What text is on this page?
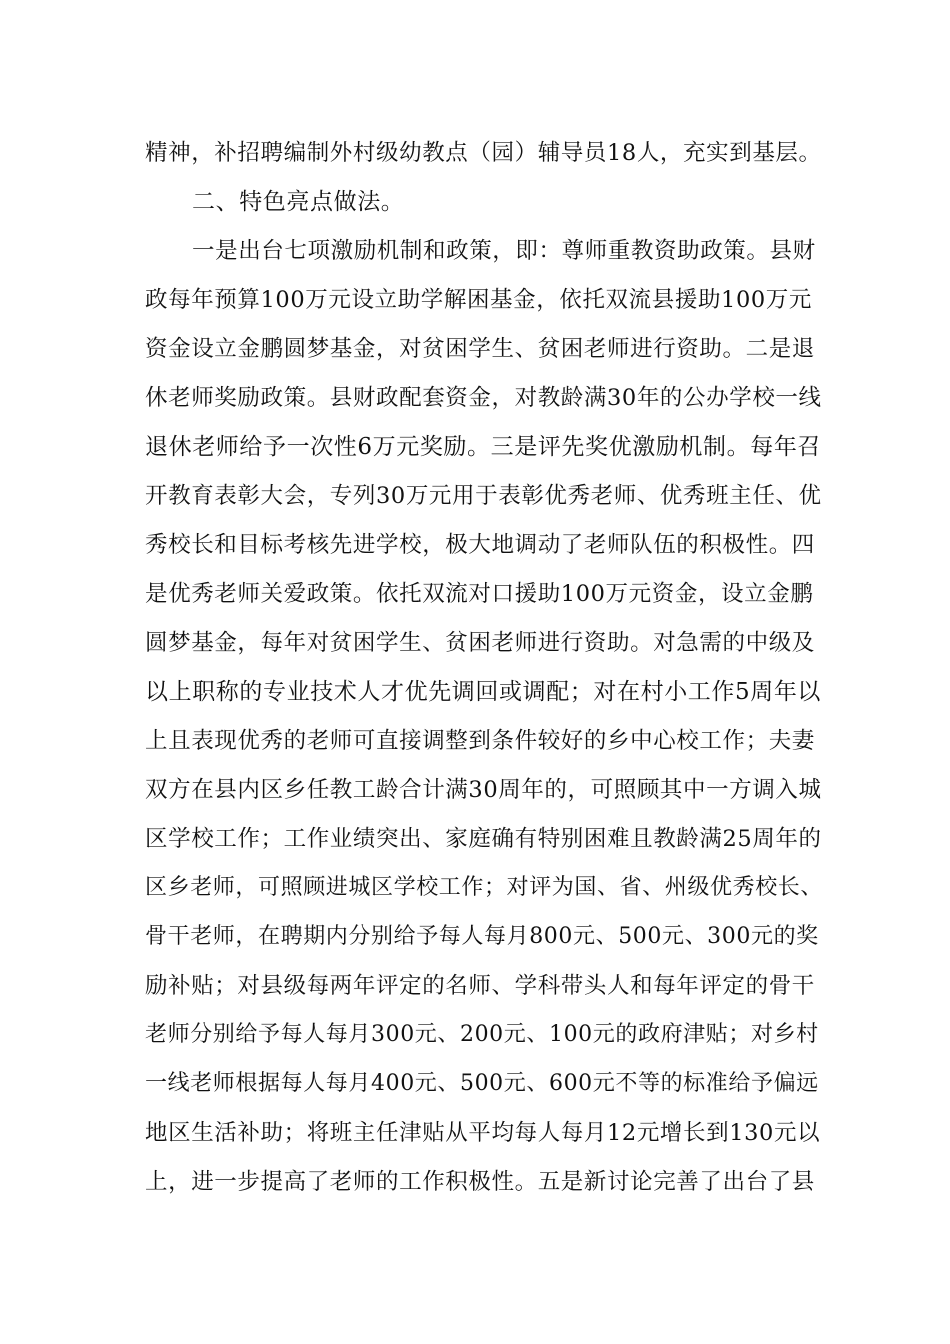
精神，补招聘编制外村级幼教点（园）辅导员18人，充实到基层。
二、特色亮点做法。
一是出台七项激励机制和政策，即：尊师重教资助政策。县财
政每年预算100万元设立助学解困基金，依托双流县援助100万元
资金设立金鹏圆梦基金，对贫困学生、贫困老师进行资助。二是退
休老师奖励政策。县财政配套资金，对教龄满30年的公办学校一线
退休老师给予一次性6万元奖励。三是评先奖优激励机制。每年召
开教育表彰大会，专列30万元用于表彰优秀老师、优秀班主任、优
秀校长和目标考核先进学校，极大地调动了老师队伍的积极性。四
是优秀老师关爱政策。依托双流对口援助100万元资金，设立金鹏
圆梦基金，每年对贫困学生、贫困老师进行资助。对急需的中级及
以上职称的专业技术人才优先调回或调配；对在村小工作5周年以
上且表现优秀的老师可直接调整到条件较好的乡中心校工作；夫妻
双方在县内区乡任教工龄合计满30周年的，可照顾其中一方调入城
区学校工作；工作业绩突出、家庭确有特别困难且教龄满25周年的
区乡老师，可照顾进城区学校工作；对评为国、省、州级优秀校长、
骨干老师，在聘期内分别给予每人每月800元、500元、300元的奖
励补贴；对县级每两年评定的名师、学科带头人和每年评定的骨干
老师分别给予每人每月300元、200元、100元的政府津贴；对乡村
一线老师根据每人每月400元、500元、600元不等的标准给予偏远
地区生活补助；将班主任津贴从平均每人每月12元增长到130元以
上，进一步提高了老师的工作积极性。五是新讨论完善了出台了县
